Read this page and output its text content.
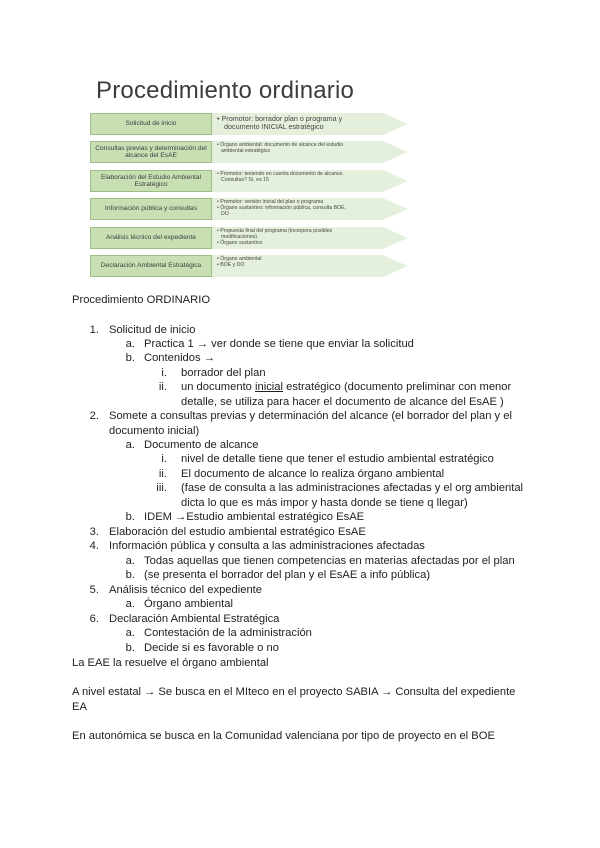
Procedimiento ordinario
Solicitud de inicio
• Promotor: borrador plan o programa y
documento INICIAL estratégico
Consultas previas y determinación del alcance del EsAE
• Órgano ambiental: documento de alcance del estudio
ambiental estratégico
Elaboración del Estudio Ambiental Estratégico
• Promotor: teniendo en cuenta documento de alcance.
Consultas? Sí, es 15
Información pública y consultas
• Promotor: versión inicial del plan o programa
• Órgano sustantivo: información pública, consulta BOE,
DO
Análisis técnico del expediente
• Propuesta final del programa (incorpora posibles
modificaciones)
• Órgano sustantivo
Declaración Ambiental Estratégica
• Órgano ambiental
• BOE y DO
Procedimiento ORDINARIO
1. Solicitud de inicio
a. Practica 1 → ver donde se tiene que enviar la solicitud
b. Contenidos →
i. borrador del plan
ii. un documento inicial estratégico (documento preliminar con menor
detalle, se utiliza para hacer el documento de alcance del EsAE )
2. Somete a consultas previas y determinación del alcance (el borrador del plan y el
documento inicial)
a. Documento de alcance
i. nivel de detalle tiene que tener el estudio ambiental estratégico
ii. El documento de alcance lo realiza órgano ambiental
iii. (fase de consulta a las administraciones afectadas y el org ambiental
dicta lo que es más impor y hasta donde se tiene q llegar)
b. IDEM →Estudio ambiental estratégico EsAE
3. Elaboración del estudio ambiental estratégico EsAE
4. Información pública y consulta a las administraciones afectadas
a. Todas aquellas que tienen competencias en materias afectadas por el plan
b. (se presenta el borrador del plan y el EsAE a info pública)
5. Análisis técnico del expediente
a. Órgano ambiental
6. Declaración Ambiental Estratégica
a. Contestación de la administración
b. Decide si es favorable o no
La EAE la resuelve el órgano ambiental
A nivel estatal → Se busca en el MIteco en el proyecto SABIA → Consulta del expediente
EA
En autonómica se busca en la Comunidad valenciana por tipo de proyecto en el BOE
